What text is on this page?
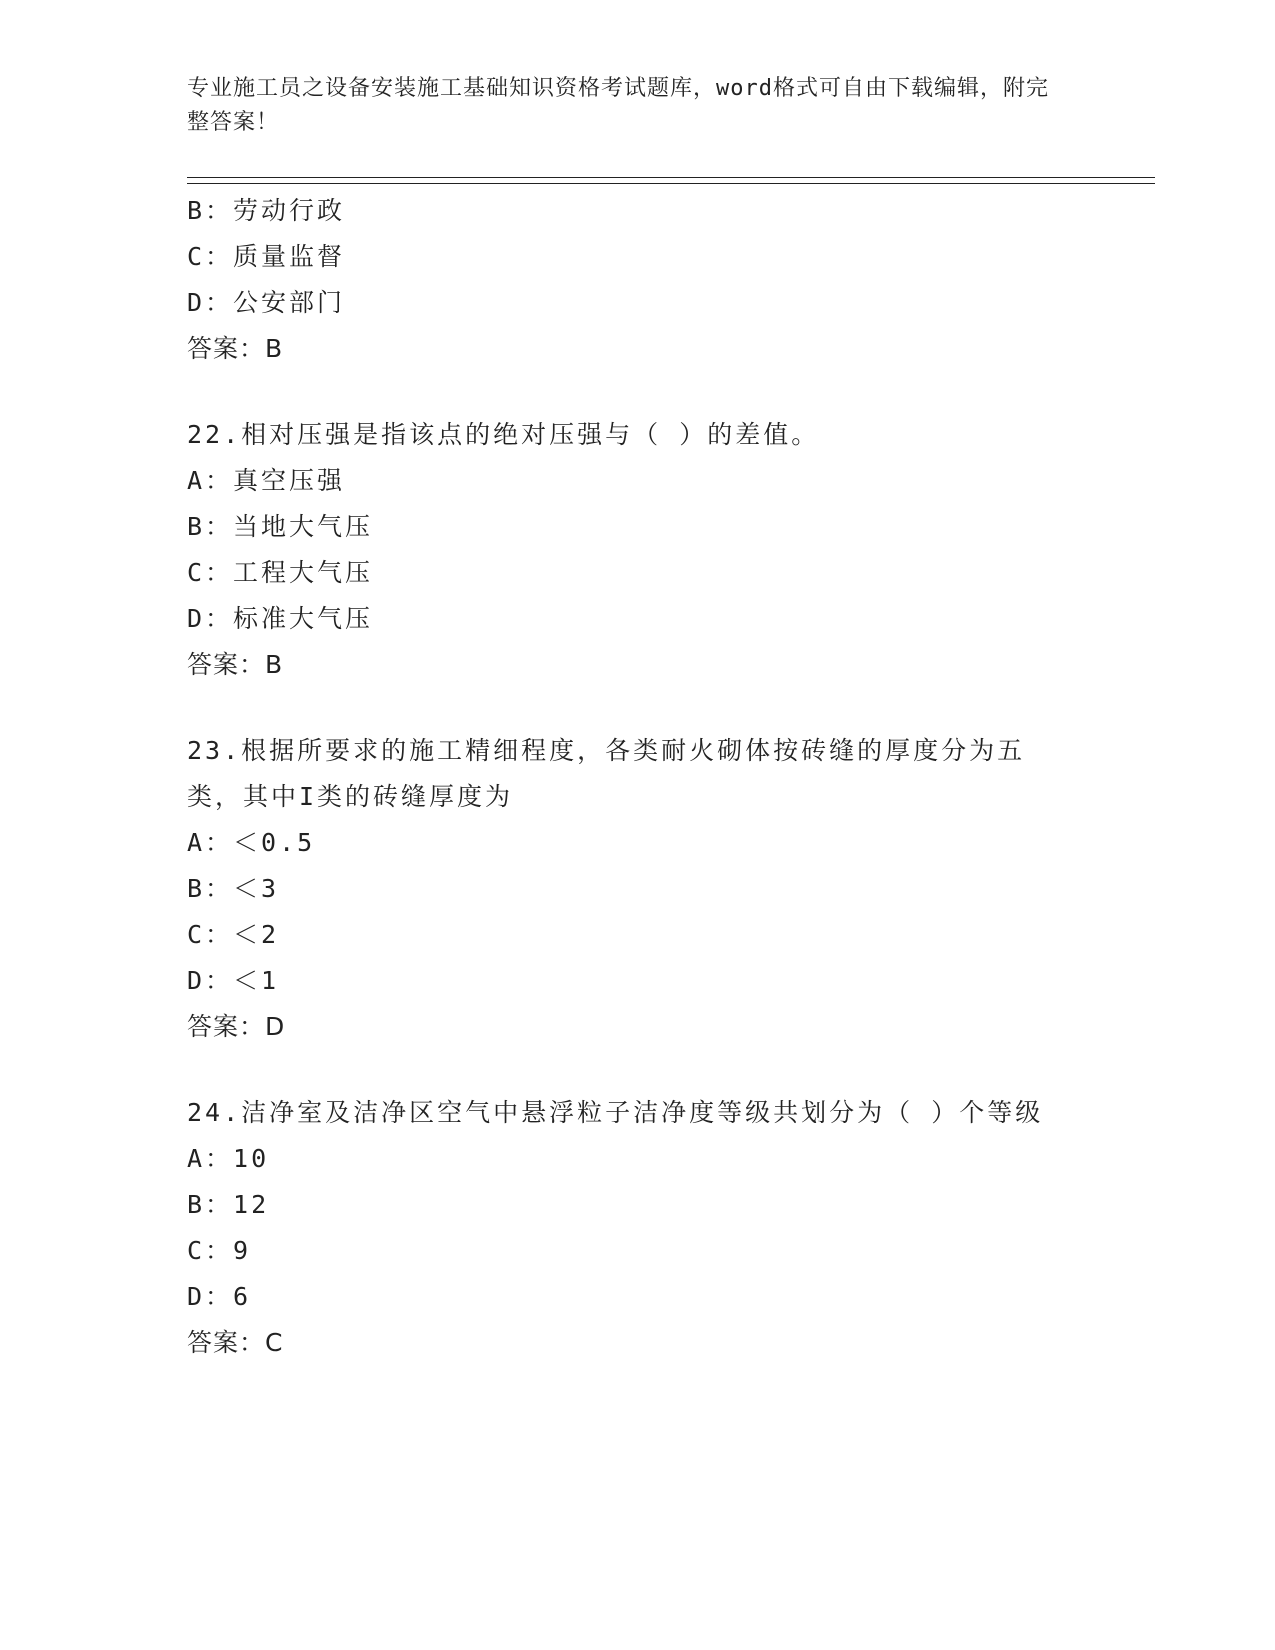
专业施工员之设备安装施工基础知识资格考试题库，word格式可自由下载编辑，附完整答案！
B：劳动行政
C：质量监督
D：公安部门
答案：B
22.相对压强是指该点的绝对压强与（ ）的差值。
A：真空压强
B：当地大气压
C：工程大气压
D：标准大气压
答案：B
23.根据所要求的施工精细程度，各类耐火砌体按砖缝的厚度分为五类，其中I类的砖缝厚度为
A：＜0.5
B：＜3
C：＜2
D：＜1
答案：D
24.洁净室及洁净区空气中悬浮粒子洁净度等级共划分为（ ）个等级
A：10
B：12
C：9
D：6
答案：C
